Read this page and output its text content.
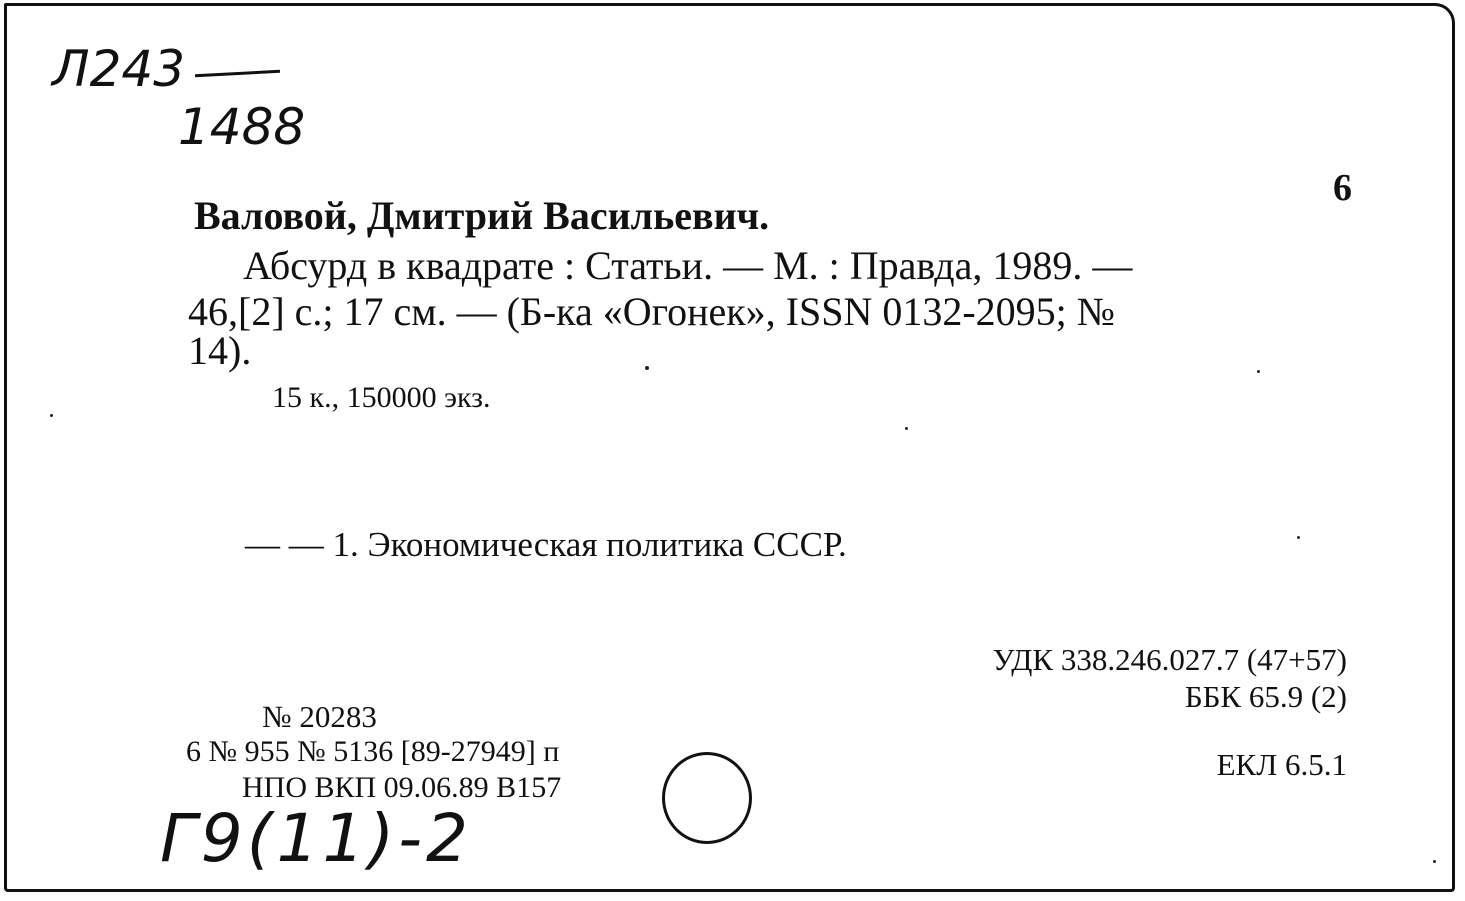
Л243
1488
6
Валовой, Дмитрий Васильевич.
Абсурд в квадрате : Статьи. — М. : Правда, 1989. —
46,[2] с.; 17 см. — (Б-ка «Огонек», ISSN 0132-2095; №
14).
15 к., 150000 экз.
— — 1. Экономическая политика СССР.
УДК 338.246.027.7 (47+57)
ББК 65.9 (2)
ЕКЛ 6.5.1
№ 20283
6 № 955 № 5136 [89-27949] п
НПО ВКП 09.06.89 В157
Г9(11)-2
